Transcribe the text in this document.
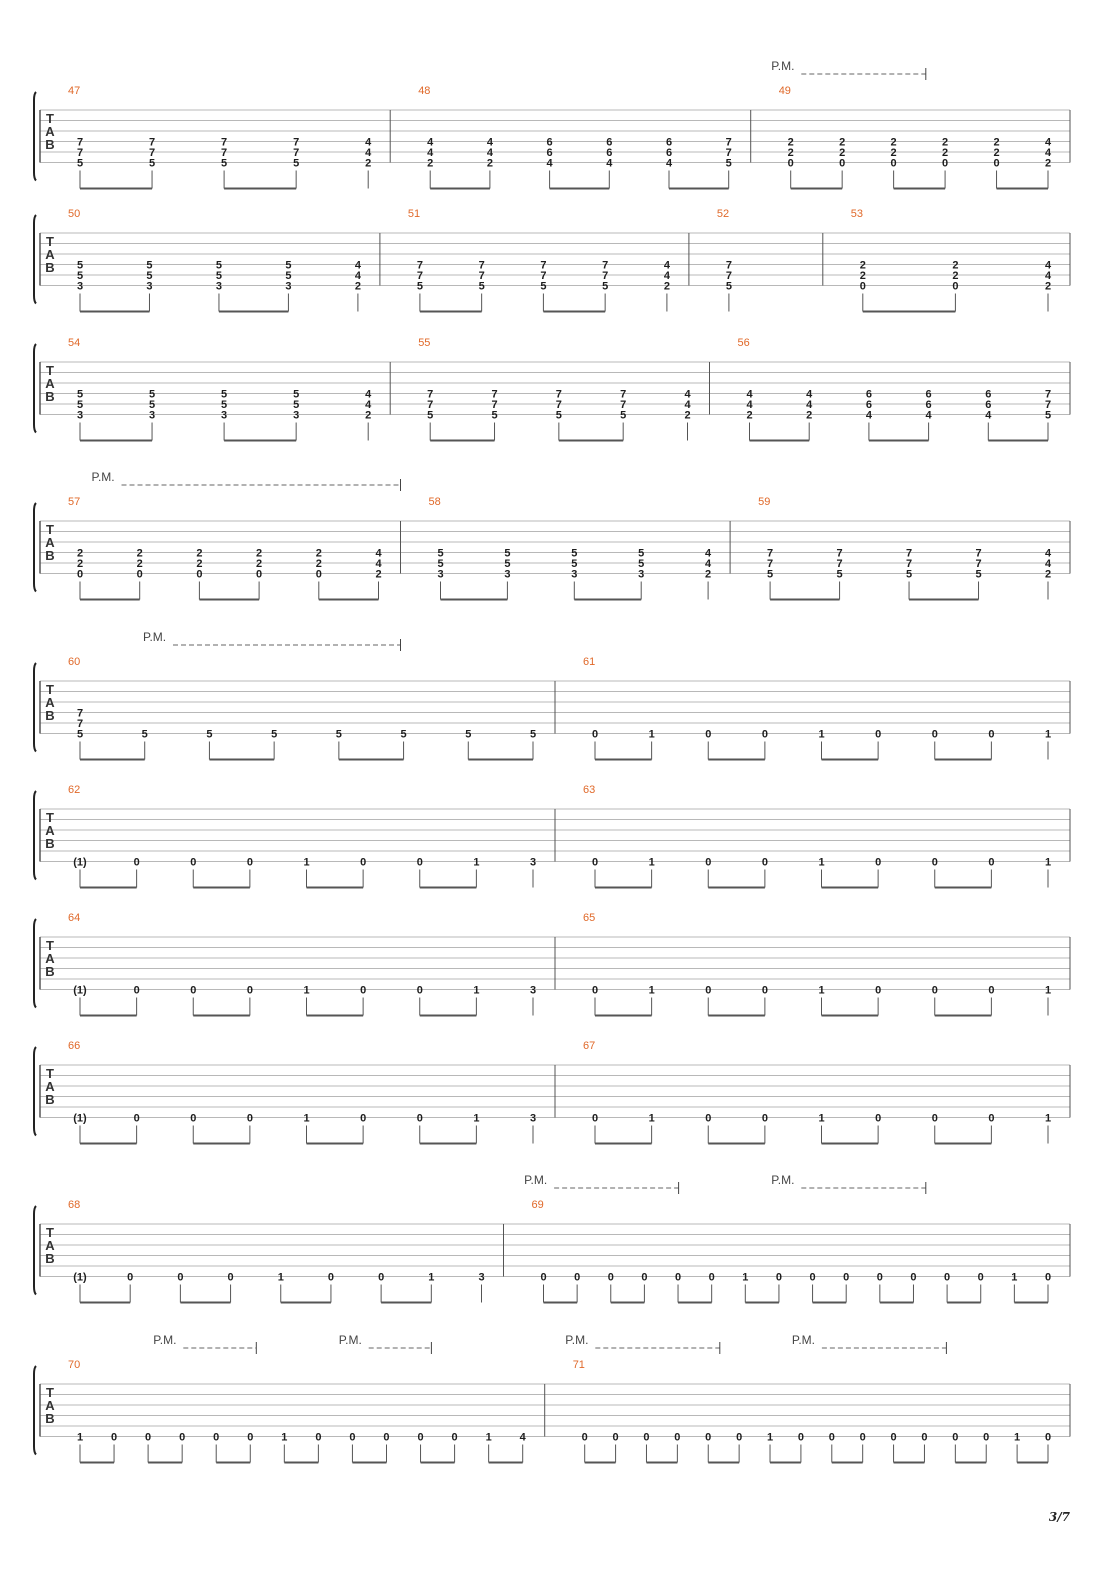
T
A
B
P.M.
47
7
7
5
7
7
5
7
7
5
7
7
5
4
4
2
48
4
4
2
4
4
2
6
6
4
6
6
4
6
6
4
7
7
5
49
2
2
0
2
2
0
2
2
0
2
2
0
2
2
0
4
4
2
T
A
B
50
5
5
3
5
5
3
5
5
3
5
5
3
4
4
2
51
7
7
5
7
7
5
7
7
5
7
7
5
4
4
2
52
7
7
5
53
2
2
0
2
2
0
4
4
2
T
A
B
54
5
5
3
5
5
3
5
5
3
5
5
3
4
4
2
55
7
7
5
7
7
5
7
7
5
7
7
5
4
4
2
56
4
4
2
4
4
2
6
6
4
6
6
4
6
6
4
7
7
5
T
A
B
P.M.
57
2
2
0
2
2
0
2
2
0
2
2
0
2
2
0
4
4
2
58
5
5
3
5
5
3
5
5
3
5
5
3
4
4
2
59
7
7
5
7
7
5
7
7
5
7
7
5
4
4
2
T
A
B
P.M.
60
7
7
5	5	5	5	5	5	5	5
61
0	1	0	0	1	0	0	0	1
T
A
B
62
(1)	0	0	0	1	0	0	1	3
63
0	1	0	0	1	0	0	0	1
T
A
B
64
(1)	0	0	0	1	0	0	1	3
65
0	1	0	0	1	0	0	0	1
T
A
B
66
(1)	0	0	0	1	0	0	1	3
67
0	1	0	0	1	0	0	0	1
T
A
B
P.M.	P.M.
68
(1)	0	0	0	1	0	0	1	3
69
0	0	0	0	0	0	1	0	0	0	0	0	0	0	1	0
T
A
B
P.M.	P.M.	P.M.	P.M.
70
1	0	0	0	0	0	1	0	0	0	0	0	1	4
71
0 0 0 0 0 0 1 0 0 0 0 0 0 0 1 0
3/7
